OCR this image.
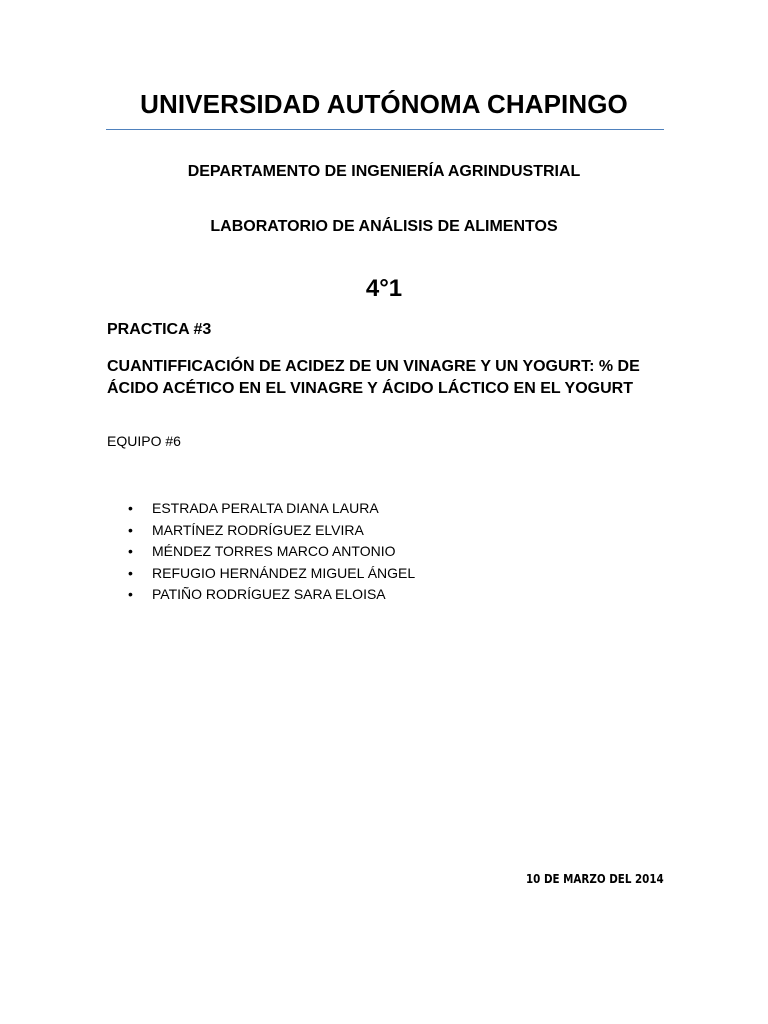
UNIVERSIDAD AUTÓNOMA CHAPINGO
DEPARTAMENTO DE INGENIERÍA AGRINDUSTRIAL
LABORATORIO DE ANÁLISIS DE ALIMENTOS
4°1
PRACTICA #3
CUANTIFFICACIÓN DE ACIDEZ DE UN VINAGRE Y UN YOGURT: % DE
ÁCIDO ACÉTICO EN EL VINAGRE Y ÁCIDO LÁCTICO EN EL YOGURT
EQUIPO #6
• ESTRADA PERALTA DIANA LAURA
• MARTÍNEZ RODRÍGUEZ ELVIRA
• MÉNDEZ TORRES MARCO ANTONIO
• REFUGIO HERNÁNDEZ MIGUEL ÁNGEL
• PATIÑO RODRÍGUEZ SARA ELOISA
10 DE MARZO DEL 2014
